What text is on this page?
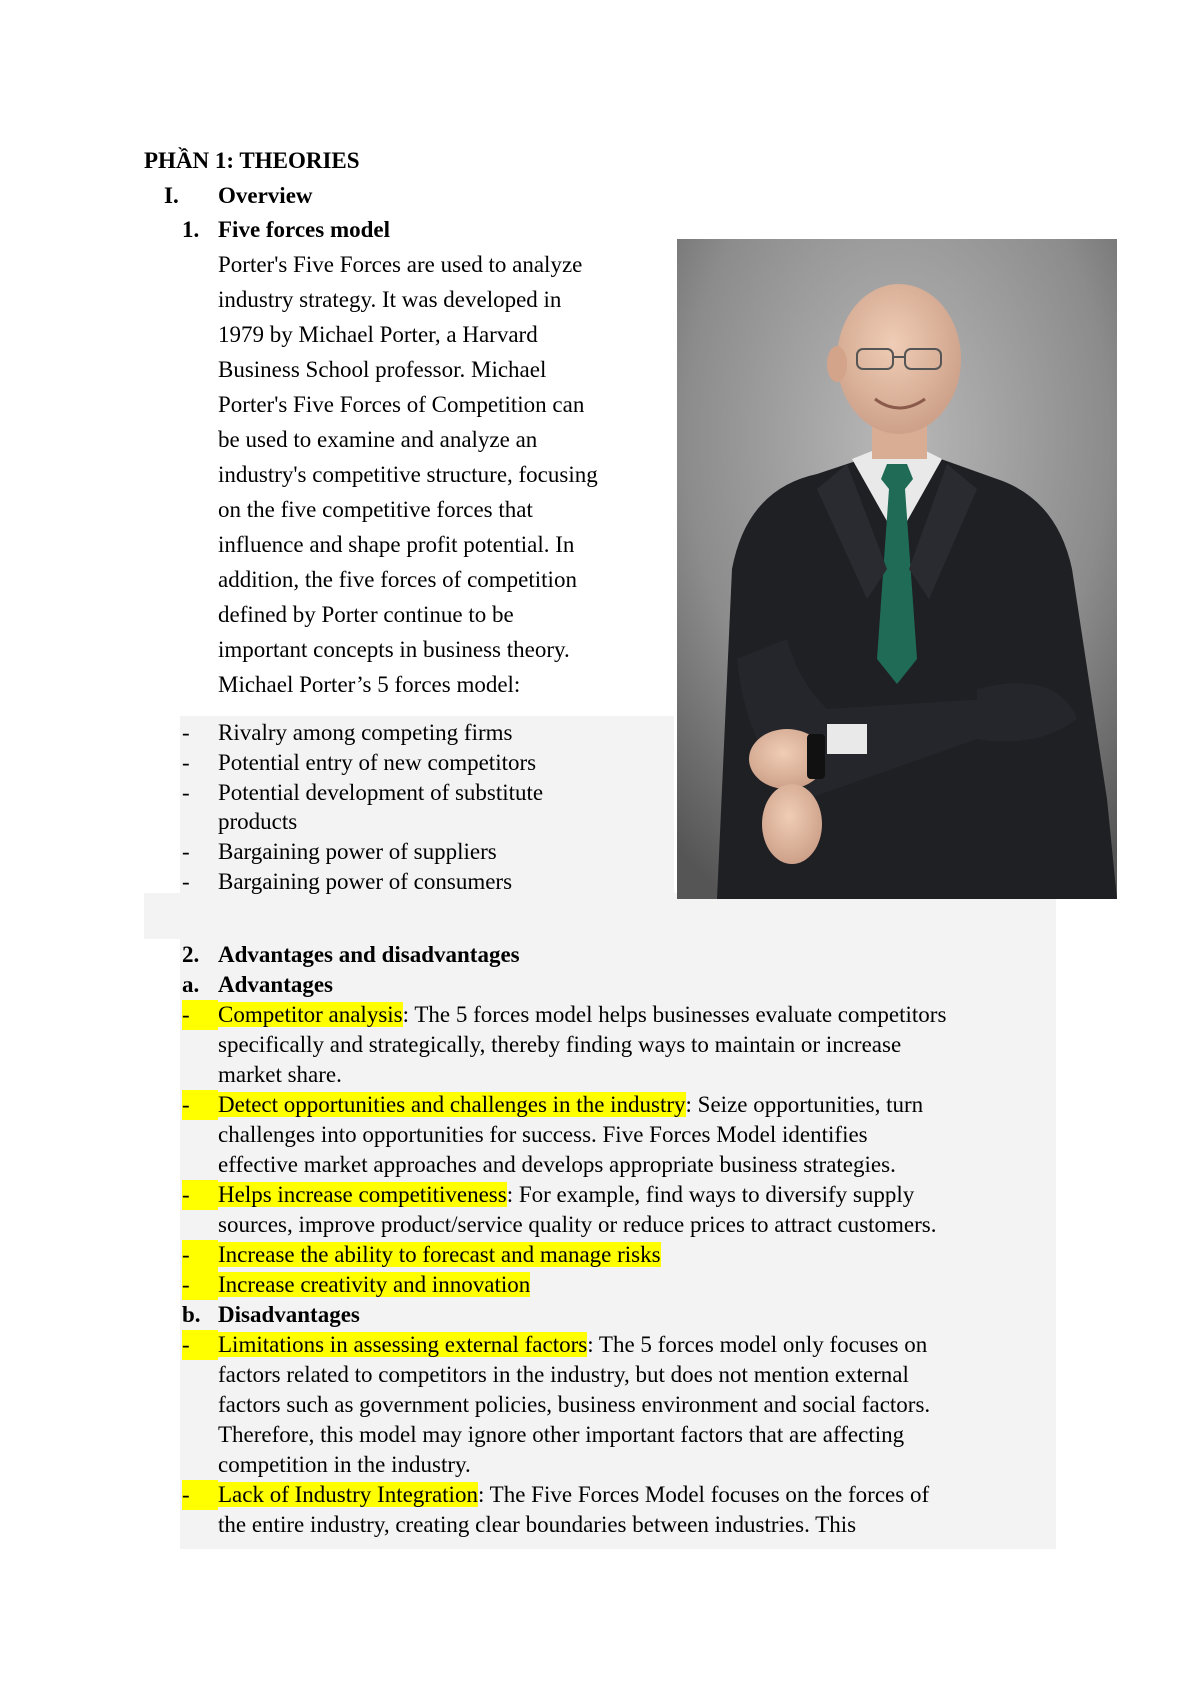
PHẦN 1: THEORIES
I. Overview
1. Five forces model
Porter's Five Forces are used to analyze
industry strategy. It was developed in
1979 by Michael Porter, a Harvard
Business School professor. Michael
Porter's Five Forces of Competition can
be used to examine and analyze an
industry's competitive structure, focusing
on the five competitive forces that
influence and shape profit potential. In
addition, the five forces of competition
defined by Porter continue to be
important concepts in business theory.
Michael Porter’s 5 forces model:
- Rivalry among competing firms
- Potential entry of new competitors
- Potential development of substitute
products
- Bargaining power of suppliers
- Bargaining power of consumers
2. Advantages and disadvantages
a. Advantages
-	Competitor analysis: The 5 forces model helps businesses evaluate competitors
specifically and strategically, thereby finding ways to maintain or increase
market share.
-	Detect opportunities and challenges in the industry: Seize opportunities, turn
challenges into opportunities for success. Five Forces Model identifies
effective market approaches and develops appropriate business strategies.
-	Helps increase competitiveness: For example, find ways to diversify supply
sources, improve product/service quality or reduce prices to attract customers.
-	Increase the ability to forecast and manage risks
-	Increase creativity and innovation
b. Disadvantages
-	Limitations in assessing external factors: The 5 forces model only focuses on
factors related to competitors in the industry, but does not mention external
factors such as government policies, business environment and social factors.
Therefore, this model may ignore other important factors that are affecting
competition in the industry.
-	Lack of Industry Integration: The Five Forces Model focuses on the forces of
the entire industry, creating clear boundaries between industries. This
